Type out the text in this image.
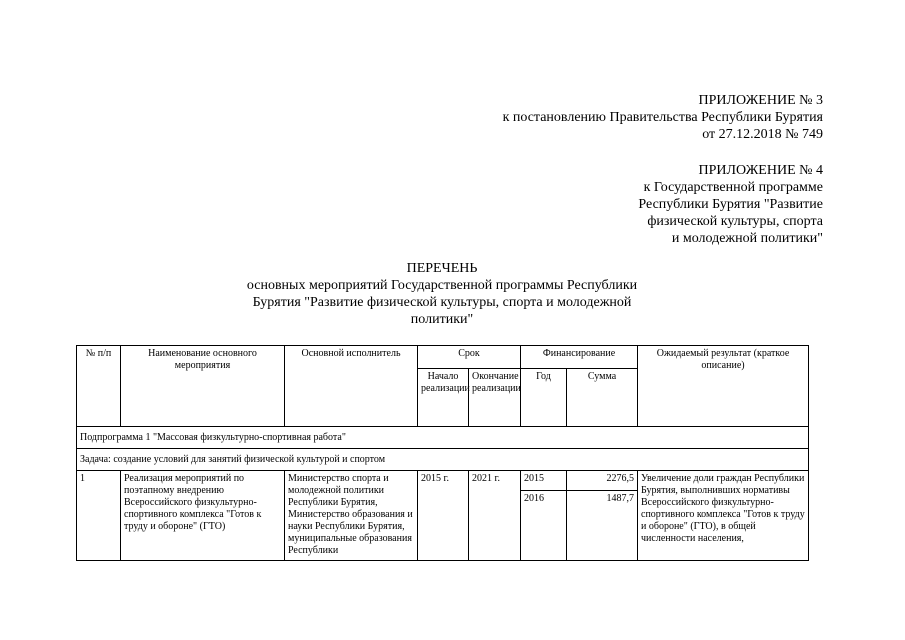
ПРИЛОЖЕНИЕ № 3
к постановлению Правительства Республики Бурятия
от 27.12.2018 № 749
ПРИЛОЖЕНИЕ № 4
к Государственной программе
Республики Бурятия "Развитие
физической культуры, спорта
и молодежной политики"
ПЕРЕЧЕНЬ
основных мероприятий Государственной программы Республики
Бурятия "Развитие физической культуры, спорта и молодежной
политики"
№ п/п	Наименование основного мероприятия	Основной исполнитель	Срок		Финансирование		Ожидаемый результат (краткое описание)
			Начало реализации	Окончание реализации	Год	Сумма	
Подпрограмма 1 "Массовая физкультурно-спортивная работа"							
Задача: создание условий для занятий физической культурой и спортом							
1	Реализация мероприятий по поэтапному внедрению Всероссийского физкультурно-спортивного комплекса "Готов к труду и обороне" (ГТО)	Министерство спорта и молодежной политики Республики Бурятия, Министерство образования и науки Республики Бурятия, муниципальные образования Республики	2015 г.	2021 г.	2015	2276,5	Увеличение доли граждан Республики Бурятия, выполнивших нормативы Всероссийского физкультурно-спортивного комплекса "Готов к труду и обороне" (ГТО), в общей численности населения,
					2016	1487,7	
